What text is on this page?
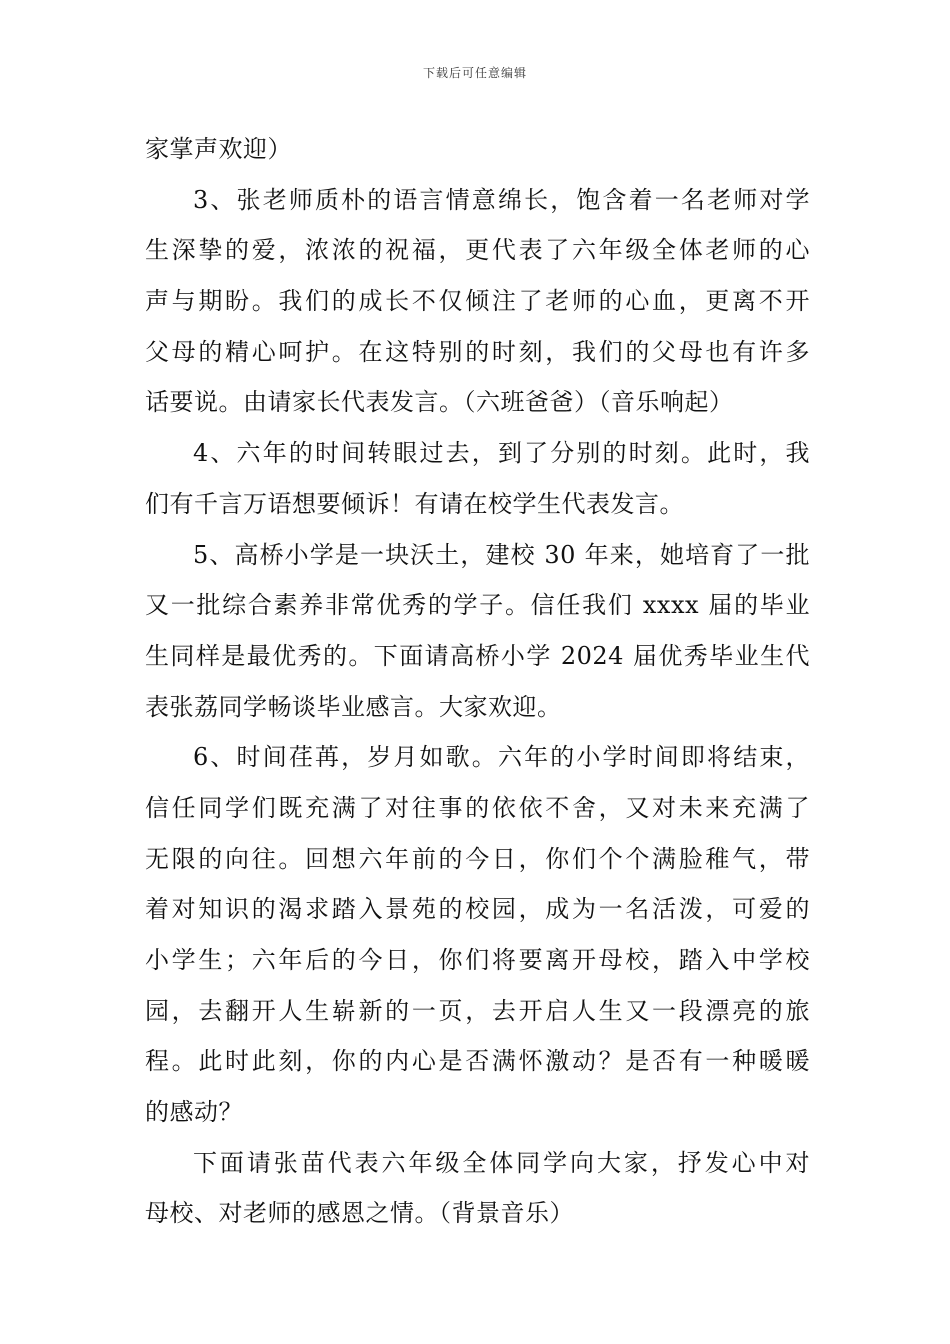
下载后可任意编辑
家掌声欢迎）
3、张老师质朴的语言情意绵长，饱含着一名老师对学
生深挚的爱，浓浓的祝福，更代表了六年级全体老师的心
声与期盼。我们的成长不仅倾注了老师的心血，更离不开
父母的精心呵护。在这特别的时刻，我们的父母也有许多
话要说。由请家长代表发言。（六班爸爸）（音乐响起）
4、六年的时间转眼过去，到了分别的时刻。此时，我
们有千言万语想要倾诉！有请在校学生代表发言。
5、高桥小学是一块沃土，建校 30 年来，她培育了一批
又一批综合素养非常优秀的学子。信任我们 xxxx 届的毕业
生同样是最优秀的。下面请高桥小学 2024 届优秀毕业生代
表张荔同学畅谈毕业感言。大家欢迎。
6、时间荏苒，岁月如歌。六年的小学时间即将结束，
信任同学们既充满了对往事的依依不舍，又对未来充满了
无限的向往。回想六年前的今日，你们个个满脸稚气，带
着对知识的渴求踏入景苑的校园，成为一名活泼，可爱的
小学生；六年后的今日，你们将要离开母校，踏入中学校
园，去翻开人生崭新的一页，去开启人生又一段漂亮的旅
程。此时此刻，你的内心是否满怀激动？是否有一种暖暖
的感动？
下面请张苗代表六年级全体同学向大家，抒发心中对
母校、对老师的感恩之情。（背景音乐）
